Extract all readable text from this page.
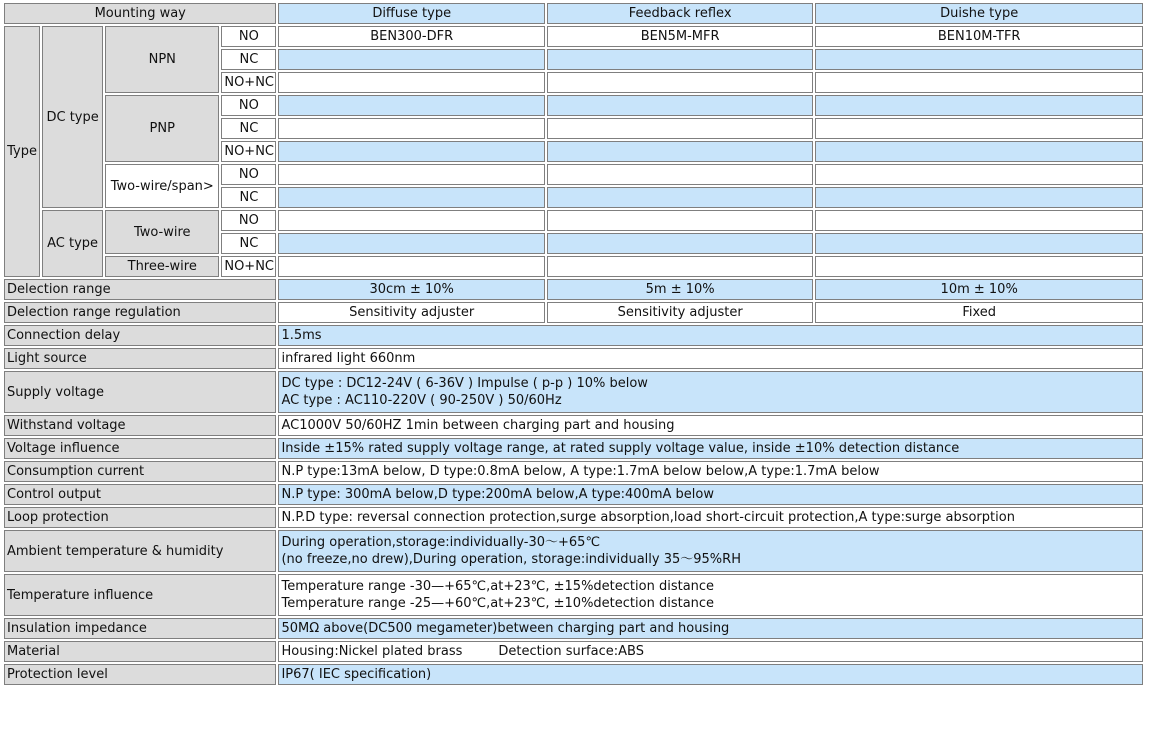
Mounting way				Diffuse type	Feedback reflex	Duishe type
Type	DC type	NPN	NO	BEN300-DFR	BEN5M-MFR	BEN10M-TFR
			NC			
			NO+NC			
		PNP	NO			
			NC			
			NO+NC			
		Two-wire/span>	NO			
			NC			
	AC type	Two-wire	NO			
			NC			
		Three-wire	NO+NC			
Delection range				30cm ± 10%	5m ± 10%	10m ± 10%
Delection range regulation				Sensitivity adjuster	Sensitivity adjuster	Fixed
Connection delay				1.5ms		
Light source				infrared light 660nm		
Supply voltage				DC type : DC12-24V ( 6-36V ) Impulse ( p-p ) 10% below
AC type : AC110-220V ( 90-250V ) 50/60Hz		

Withstand voltage				AC1000V 50/60HZ 1min between charging part and housing		
Voltage influence				Inside ±15% rated supply voltage range, at rated supply voltage value, inside ±10% detection distance		
Consumption current				N.P type:13mA below, D type:0.8mA below, A type:1.7mA below below,A type:1.7mA below		
Control output				N.P type: 300mA below,D type:200mA below,A type:400mA below		
Loop protection				N.P.D type: reversal connection protection,surge absorption,load short-circuit protection,A type:surge absorption		
Ambient temperature & humidity				During operation,storage:individually-30～+65℃
(no freeze,no drew),During operation, storage:individually 35～95%RH		

Temperature influence				Temperature range -30—+65℃,at+23℃, ±15%detection distance
Temperature range -25—+60℃,at+23℃, ±10%detection distance		

Insulation impedance				50MΩ above(DC500 megameter)between charging part and housing		
Material				Housing:Nickel plated brass Detection surface:ABS		
Protection level				IP67( IEC specification)		
